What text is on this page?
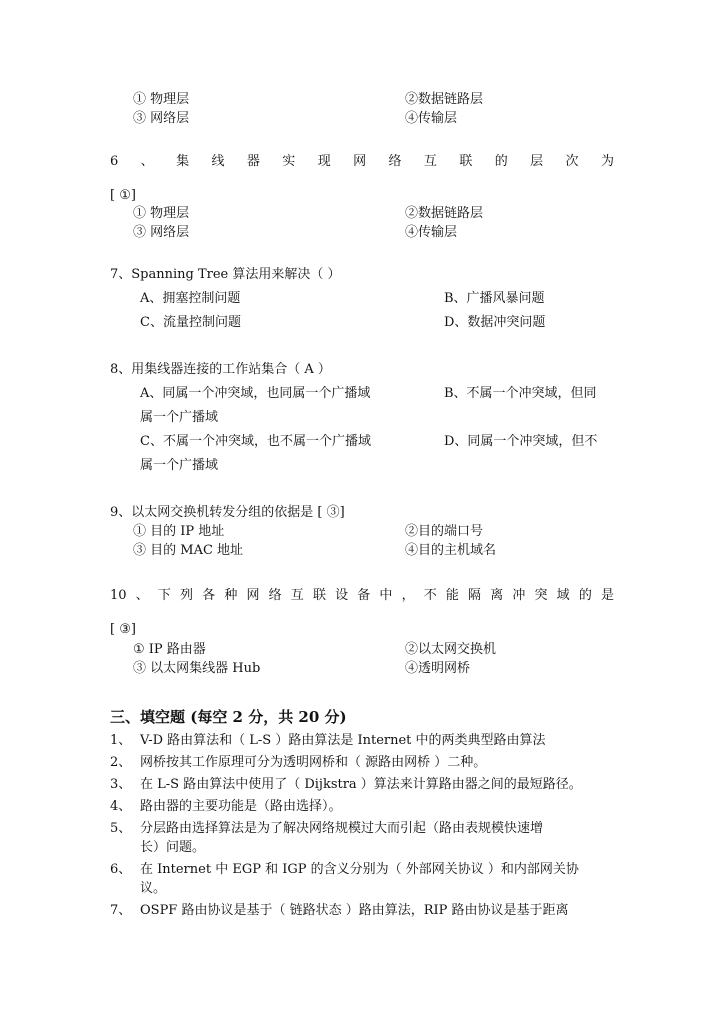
① 物理层	②数据链路层
③ 网络层	④传输层
6 、 集 线 器 实 现 网 络 互 联 的 层 次 为
[ ①]
① 物理层	②数据链路层
③ 网络层	④传输层
7、Spanning Tree 算法用来解决（ ）
A、拥塞控制问题	B、广播风暴问题
C、流量控制问题	D、数据冲突问题
8、用集线器连接的工作站集合（ A ）
A、同属一个冲突域，也同属一个广播域	B、不属一个冲突域，但同
属一个广播域
C、不属一个冲突域，也不属一个广播域	D、同属一个冲突域，但不
属一个广播域
9、以太网交换机转发分组的依据是 [ ③]
① 目的 IP 地址	②目的端口号
③ 目的 MAC 地址	④目的主机域名
10 、 下 列 各 种 网 络 互 联 设 备 中 ， 不 能 隔 离 冲 突 域 的 是
[ ③]
① IP 路由器	②以太网交换机
③ 以太网集线器 Hub	④透明网桥
三、填空题 (每空 2 分，共 20 分)
1、 V-D 路由算法和（ L-S ）路由算法是 Internet 中的两类典型路由算法
2、 网桥按其工作原理可分为透明网桥和（ 源路由网桥 ）二种。
3、 在 L-S 路由算法中使用了（ Dijkstra ）算法来计算路由器之间的最短路径。
4、 路由器的主要功能是（路由选择）。
5、 分层路由选择算法是为了解决网络规模过大而引起（路由表规模快速增
长）问题。
6、 在 Internet 中 EGP 和 IGP 的含义分别为（ 外部网关协议 ）和内部网关协
议。
7、 OSPF 路由协议是基于（ 链路状态 ）路由算法，RIP 路由协议是基于距离
